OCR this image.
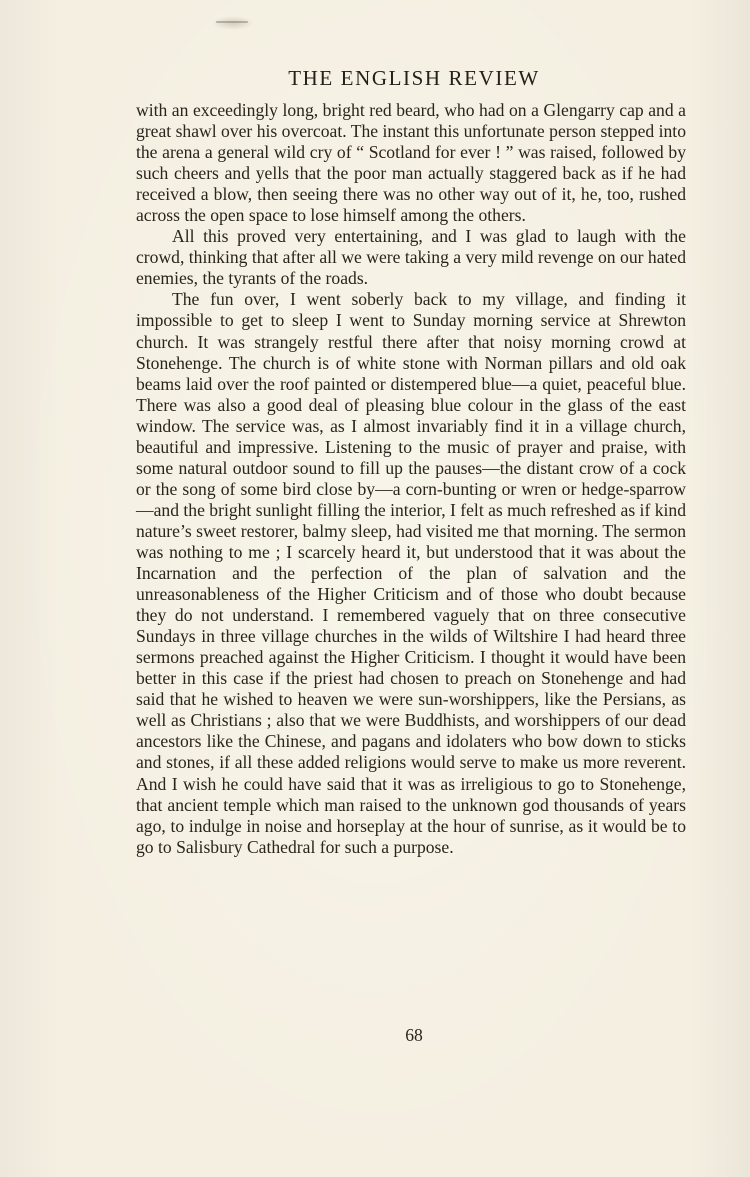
THE ENGLISH REVIEW

with an exceedingly long, bright red beard, who had on a Glengarry cap and a great shawl over his overcoat. The instant this unfortunate person stepped into the arena a general wild cry of “ Scotland for ever ! ” was raised, followed by such cheers and yells that the poor man actually staggered back as if he had received a blow, then seeing there was no other way out of it, he, too, rushed across the open space to lose himself among the others.

All this proved very entertaining, and I was glad to laugh with the crowd, thinking that after all we were taking a very mild revenge on our hated enemies, the tyrants of the roads.

The fun over, I went soberly back to my village, and finding it impossible to get to sleep I went to Sunday morning service at Shrewton church. It was strangely restful there after that noisy morning crowd at Stonehenge. The church is of white stone with Norman pillars and old oak beams laid over the roof painted or distempered blue—a quiet, peaceful blue. There was also a good deal of pleasing blue colour in the glass of the east window. The service was, as I almost invariably find it in a village church, beautiful and impressive. Listening to the music of prayer and praise, with some natural outdoor sound to fill up the pauses—the distant crow of a cock or the song of some bird close by—a corn-bunting or wren or hedge-sparrow —and the bright sunlight filling the interior, I felt as much refreshed as if kind nature’s sweet restorer, balmy sleep, had visited me that morning. The sermon was nothing to me ; I scarcely heard it, but understood that it was about the Incarnation and the perfection of the plan of salvation and the unreasonableness of the Higher Criticism and of those who doubt because they do not understand. I remembered vaguely that on three consecutive Sundays in three village churches in the wilds of Wiltshire I had heard three sermons preached against the Higher Criticism. I thought it would have been better in this case if the priest had chosen to preach on Stonehenge and had said that he wished to heaven we were sun-worshippers, like the Persians, as well as Christians ; also that we were Buddhists, and worshippers of our dead ancestors like the Chinese, and pagans and idolaters who bow down to sticks and stones, if all these added religions would serve to make us more reverent. And I wish he could have said that it was as irreligious to go to Stonehenge, that ancient temple which man raised to the unknown god thousands of years ago, to indulge in noise and horseplay at the hour of sunrise, as it would be to go to Salisbury Cathedral for such a purpose.

68
